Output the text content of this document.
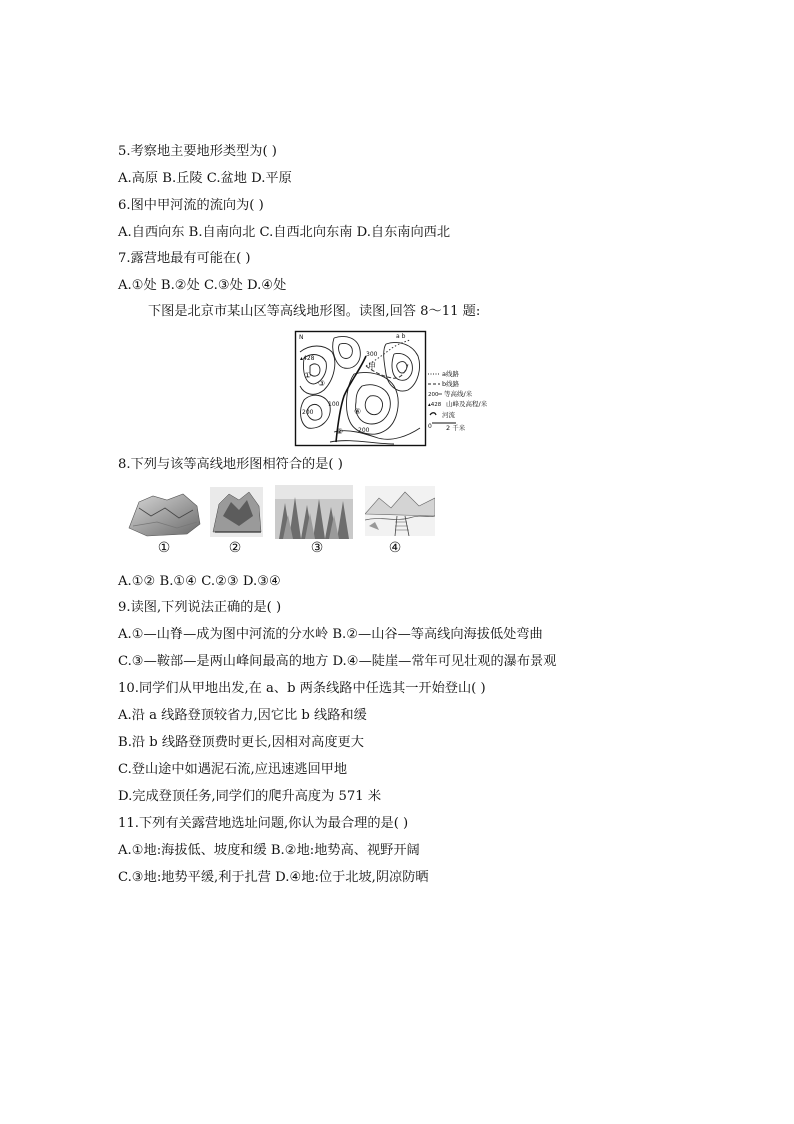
5.考察地主要地形类型为( )
A.高原 B.丘陵 C.盆地 D.平原
6.图中甲河流的流向为( )
A.自西向东 B.自南向北 C.自西北向东南 D.自东南向西北
7.露营地最有可能在( )
A.①处 B.②处 C.③处 D.④处
下图是北京市某山区等高线地形图。读图,回答 8～11 题:
N
甲
▴428
300
200
100
200
a b
①
②
③
④
a线路
b线路
200 等高线/米
▴428 山峰及高程/米
河流
0 2 千米
8.下列与该等高线地形图相符合的是( )
①	②	③	④
A.①② B.①④ C.②③ D.③④
9.读图,下列说法正确的是( )
A.①—山脊—成为图中河流的分水岭 B.②—山谷—等高线向海拔低处弯曲
C.③—鞍部—是两山峰间最高的地方 D.④—陡崖—常年可见壮观的瀑布景观
10.同学们从甲地出发,在 a、b 两条线路中任选其一开始登山( )
A.沿 a 线路登顶较省力,因它比 b 线路和缓
B.沿 b 线路登顶费时更长,因相对高度更大
C.登山途中如遇泥石流,应迅速逃回甲地
D.完成登顶任务,同学们的爬升高度为 571 米
11.下列有关露营地选址问题,你认为最合理的是( )
A.①地:海拔低、坡度和缓 B.②地:地势高、视野开阔
C.③地:地势平缓,利于扎营 D.④地:位于北坡,阴凉防晒
